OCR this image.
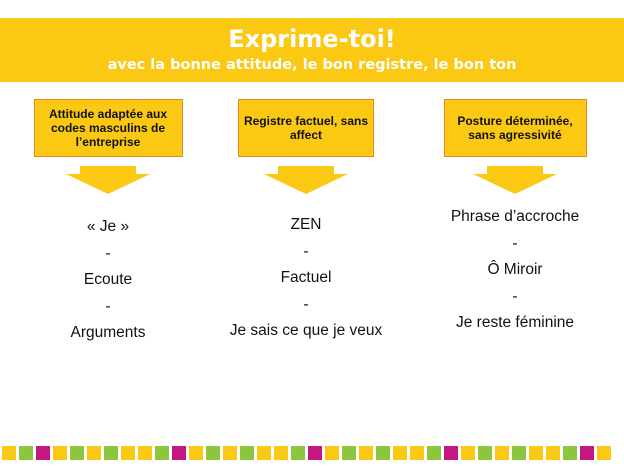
Exprime-toi!
avec la bonne attitude, le bon registre, le bon ton
Attitude adaptée aux codes masculins de l’entreprise
« Je »
-
Ecoute
-
Arguments
Registre factuel, sans affect
ZEN
-
Factuel
-
Je sais ce que je veux
Posture déterminée, sans agressivité
Phrase d’accroche
-
Ô Miroir
-
Je reste féminine
